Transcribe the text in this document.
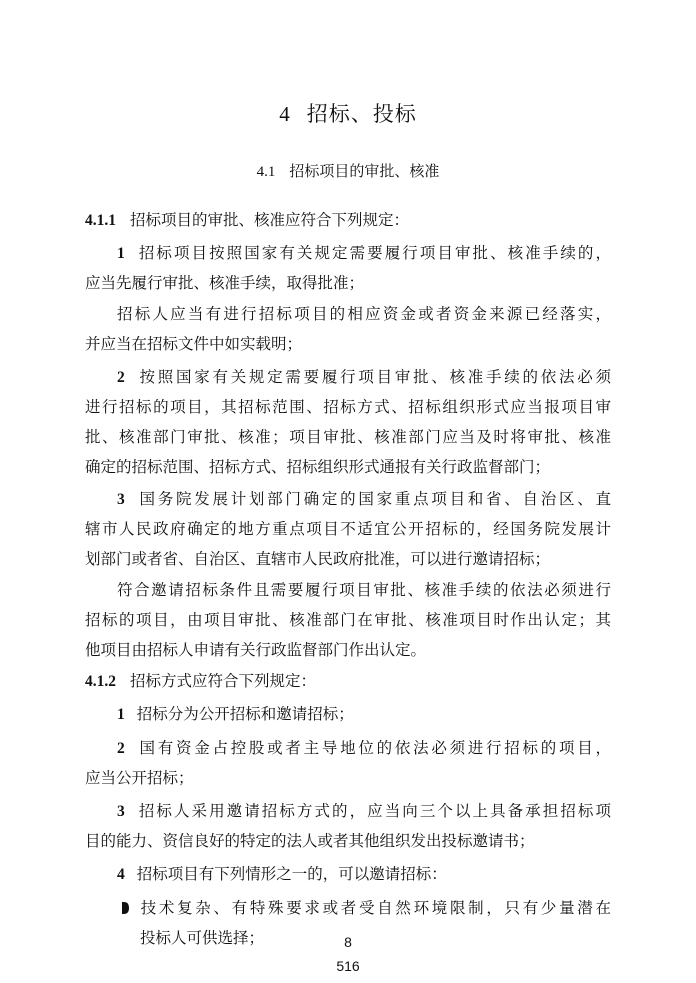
4 招标、投标
4.1 招标项目的审批、核准
4.1.1 招标项目的审批、核准应符合下列规定：
1 招标项目按照国家有关规定需要履行项目审批、核准手续的，
应当先履行审批、核准手续，取得批准；
招标人应当有进行招标项目的相应资金或者资金来源已经落实，
并应当在招标文件中如实载明；
2 按照国家有关规定需要履行项目审批、核准手续的依法必须
进行招标的项目，其招标范围、招标方式、招标组织形式应当报项目审
批、核准部门审批、核准；项目审批、核准部门应当及时将审批、核准
确定的招标范围、招标方式、招标组织形式通报有关行政监督部门；
3 国务院发展计划部门确定的国家重点项目和省、自治区、直
辖市人民政府确定的地方重点项目不适宜公开招标的，经国务院发展计
划部门或者省、自治区、直辖市人民政府批准，可以进行邀请招标；
符合邀请招标条件且需要履行项目审批、核准手续的依法必须进行
招标的项目，由项目审批、核准部门在审批、核准项目时作出认定；其
他项目由招标人申请有关行政监督部门作出认定。
4.1.2 招标方式应符合下列规定：
1 招标分为公开招标和邀请招标；
2 国有资金占控股或者主导地位的依法必须进行招标的项目，
应当公开招标；
3 招标人采用邀请招标方式的，应当向三个以上具备承担招标项
目的能力、资信良好的特定的法人或者其他组织发出投标邀请书；
4 招标项目有下列情形之一的，可以邀请招标：
技术复杂、有特殊要求或者受自然环境限制，只有少量潜在
投标人可供选择；	8
516
